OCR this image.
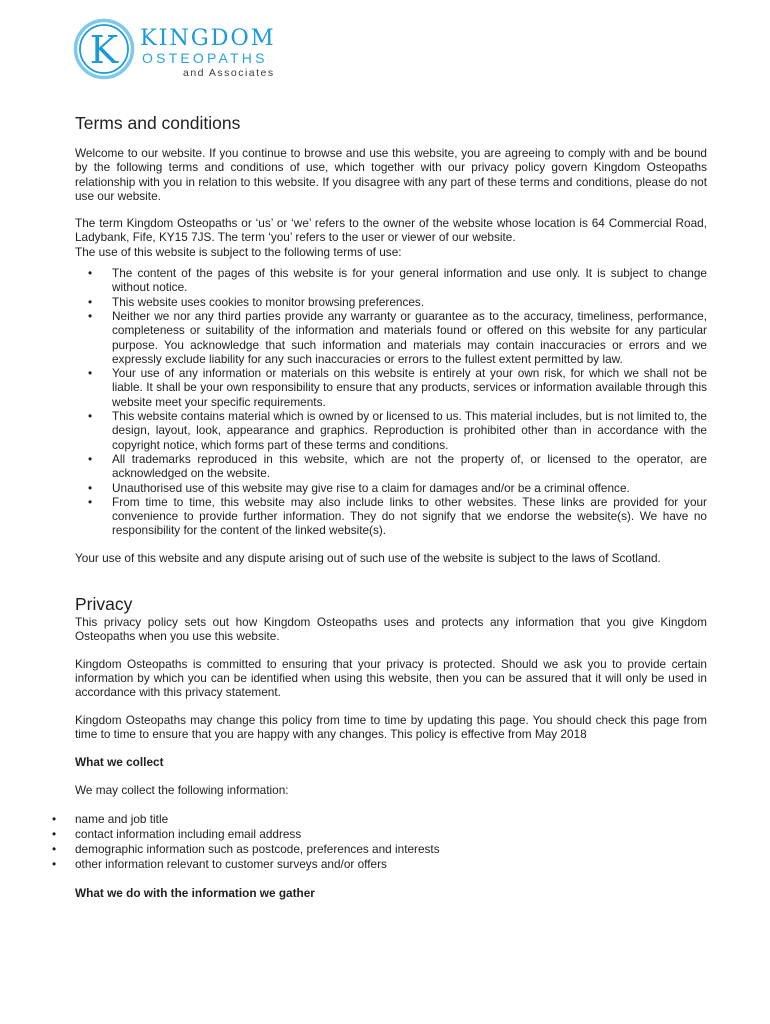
K KINGDOM
OSTEOPATHS
and Associates
Terms and conditions

Welcome to our website. If you continue to browse and use this website, you are agreeing to comply with and be bound by the following terms and conditions of use, which together with our privacy policy govern Kingdom Osteopaths relationship with you in relation to this website. If you disagree with any part of these terms and conditions, please do not use our website.

The term Kingdom Osteopaths or ‘us’ or ‘we’ refers to the owner of the website whose location is 64 Commercial Road, Ladybank, Fife, KY15 7JS. The term ‘you’ refers to the user or viewer of our website.

The use of this website is subject to the following terms of use:

• The content of the pages of this website is for your general information and use only. It is subject to change without notice.
• This website uses cookies to monitor browsing preferences.
• Neither we nor any third parties provide any warranty or guarantee as to the accuracy, timeliness, performance, completeness or suitability of the information and materials found or offered on this website for any particular purpose. You acknowledge that such information and materials may contain inaccuracies or errors and we expressly exclude liability for any such inaccuracies or errors to the fullest extent permitted by law.
• Your use of any information or materials on this website is entirely at your own risk, for which we shall not be liable. It shall be your own responsibility to ensure that any products, services or information available through this website meet your specific requirements.
• This website contains material which is owned by or licensed to us. This material includes, but is not limited to, the design, layout, look, appearance and graphics. Reproduction is prohibited other than in accordance with the copyright notice, which forms part of these terms and conditions.
• All trademarks reproduced in this website, which are not the property of, or licensed to the operator, are acknowledged on the website.
• Unauthorised use of this website may give rise to a claim for damages and/or be a criminal offence.
• From time to time, this website may also include links to other websites. These links are provided for your convenience to provide further information. They do not signify that we endorse the website(s). We have no responsibility for the content of the linked website(s).

Your use of this website and any dispute arising out of such use of the website is subject to the laws of Scotland.

Privacy

This privacy policy sets out how Kingdom Osteopaths uses and protects any information that you give Kingdom Osteopaths when you use this website.

Kingdom Osteopaths is committed to ensuring that your privacy is protected. Should we ask you to provide certain information by which you can be identified when using this website, then you can be assured that it will only be used in accordance with this privacy statement.

Kingdom Osteopaths may change this policy from time to time by updating this page. You should check this page from time to time to ensure that you are happy with any changes. This policy is effective from May 2018

What we collect

We may collect the following information:

• name and job title
• contact information including email address
• demographic information such as postcode, preferences and interests
• other information relevant to customer surveys and/or offers

What we do with the information we gather
